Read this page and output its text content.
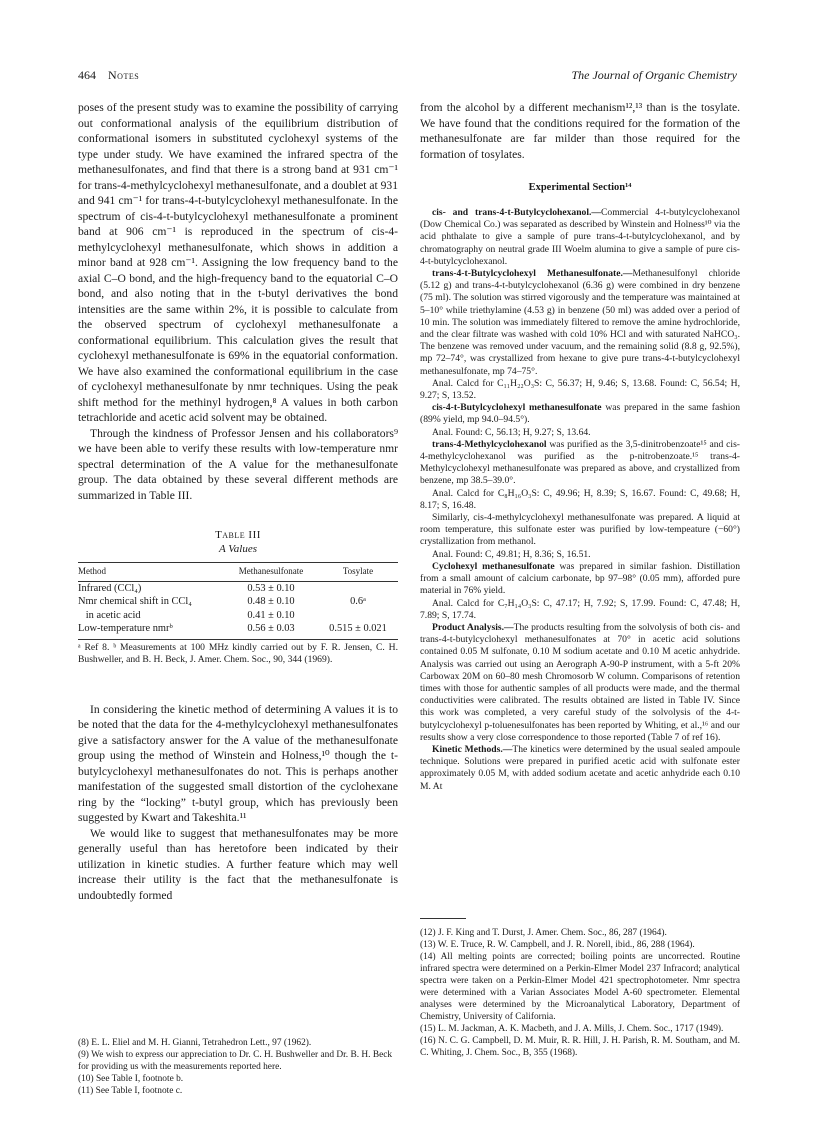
464 Notes	The Journal of Organic Chemistry

poses of the present study was to examine the possibility of carrying out conformational analysis of the equilibrium distribution of conformational isomers in substituted cyclohexyl systems of the type under study. We have examined the infrared spectra of the methanesulfonates, and find that there is a strong band at 931 cm⁻¹ for trans-4-methylcyclohexyl methanesulfonate, and a doublet at 931 and 941 cm⁻¹ for trans-4-t-butylcyclohexyl methanesulfonate. In the spectrum of cis-4-t-butylcyclohexyl methanesulfonate a prominent band at 906 cm⁻¹ is reproduced in the spectrum of cis-4-methylcyclohexyl methanesulfonate, which shows in addition a minor band at 928 cm⁻¹. Assigning the low frequency band to the axial C–O bond, and the high-frequency band to the equatorial C–O bond, and also noting that in the t-butyl derivatives the bond intensities are the same within 2%, it is possible to calculate from the observed spectrum of cyclohexyl methanesulfonate a conformational equilibrium. This calculation gives the result that cyclohexyl methanesulfonate is 69% in the equatorial conformation. We have also examined the conformational equilibrium in the case of cyclohexyl methanesulfonate by nmr techniques. Using the peak shift method for the methinyl hydrogen,⁸ A values in both carbon tetrachloride and acetic acid solvent may be obtained.

Through the kindness of Professor Jensen and his collaborators⁹ we have been able to verify these results with low-temperature nmr spectral determination of the A value for the methanesulfonate group. The data obtained by these several different methods are summarized in Table III.

Table III
A Values
Method	Methanesulfonate	Tosylate
Infrared (CCl₄)	0.53 ± 0.10
Nmr chemical shift in CCl₄	0.48 ± 0.10	0.6ᵃ
in acetic acid	0.41 ± 0.10
Low-temperature nmrᵇ	0.56 ± 0.03	0.515 ± 0.021
ᵃ Ref 8. ᵇ Measurements at 100 MHz kindly carried out by F. R. Jensen, C. H. Bushweller, and B. H. Beck, J. Amer. Chem. Soc., 90, 344 (1969).

In considering the kinetic method of determining A values it is to be noted that the data for the 4-methylcyclohexyl methanesulfonates give a satisfactory answer for the A value of the methanesulfonate group using the method of Winstein and Holness,¹⁰ though the t-butylcyclohexyl methanesulfonates do not. This is perhaps another manifestation of the suggested small distortion of the cyclohexane ring by the “locking” t-butyl group, which has previously been suggested by Kwart and Takeshita.¹¹

We would like to suggest that methanesulfonates may be more generally useful than has heretofore been indicated by their utilization in kinetic studies. A further feature which may well increase their utility is the fact that the methanesulfonate is undoubtedly formed

from the alcohol by a different mechanism¹²,¹³ than is the tosylate. We have found that the conditions required for the formation of the methanesulfonate are far milder than those required for the formation of tosylates.

Experimental Section¹⁴

cis- and trans-4-t-Butylcyclohexanol.—Commercial 4-t-butylcyclohexanol (Dow Chemical Co.) was separated as described by Winstein and Holness¹⁰ via the acid phthalate to give a sample of pure trans-4-t-butylcyclohexanol, and by chromatography on neutral grade III Woelm alumina to give a sample of pure cis-4-t-butylcyclohexanol.

trans-4-t-Butylcyclohexyl Methanesulfonate.—Methanesulfonyl chloride (5.12 g) and trans-4-t-butylcyclohexanol (6.36 g) were combined in dry benzene (75 ml). The solution was stirred vigorously and the temperature was maintained at 5–10° while triethylamine (4.53 g) in benzene (50 ml) was added over a period of 10 min. The solution was immediately filtered to remove the amine hydrochloride, and the clear filtrate was washed with cold 10% HCl and with saturated NaHCO₃. The benzene was removed under vacuum, and the remaining solid (8.8 g, 92.5%), mp 72–74°, was crystallized from hexane to give pure trans-4-t-butylcyclohexyl methanesulfonate, mp 74–75°.

Anal. Calcd for C₁₁H₂₂O₃S: C, 56.37; H, 9.46; S, 13.68. Found: C, 56.54; H, 9.27; S, 13.52.

cis-4-t-Butylcyclohexyl methanesulfonate was prepared in the same fashion (89% yield, mp 94.0–94.5°).

Anal. Found: C, 56.13; H, 9.27; S, 13.64.

trans-4-Methylcyclohexanol was purified as the 3,5-dinitrobenzoate¹⁵ and cis-4-methylcyclohexanol was purified as the p-nitrobenzoate.¹⁵ trans-4-Methylcyclohexyl methanesulfonate was prepared as above, and crystallized from benzene, mp 38.5–39.0°.

Anal. Calcd for C₈H₁₆O₃S: C, 49.96; H, 8.39; S, 16.67. Found: C, 49.68; H, 8.17; S, 16.48.

Similarly, cis-4-methylcyclohexyl methanesulfonate was prepared. A liquid at room temperature, this sulfonate ester was purified by low-tempeature (−60°) crystallization from methanol.

Anal. Found: C, 49.81; H, 8.36; S, 16.51.

Cyclohexyl methanesulfonate was prepared in similar fashion. Distillation from a small amount of calcium carbonate, bp 97–98° (0.05 mm), afforded pure material in 76% yield.

Anal. Calcd for C₇H₁₄O₃S: C, 47.17; H, 7.92; S, 17.99. Found: C, 47.48; H, 7.89; S, 17.74.

Product Analysis.—The products resulting from the solvolysis of both cis- and trans-4-t-butylcyclohexyl methanesulfonates at 70° in acetic acid solutions contained 0.05 M sulfonate, 0.10 M sodium acetate and 0.10 M acetic anhydride. Analysis was carried out using an Aerograph A-90-P instrument, with a 5-ft 20% Carbowax 20M on 60–80 mesh Chromosorb W column. Comparisons of retention times with those for authentic samples of all products were made, and the thermal conductivities were calibrated. The results obtained are listed in Table IV. Since this work was completed, a very careful study of the solvolysis of the 4-t-butylcyclohexyl p-toluenesulfonates has been reported by Whiting, et al.,¹⁶ and our results show a very close correspondence to those reported (Table 7 of ref 16).

Kinetic Methods.—The kinetics were determined by the usual sealed ampoule technique. Solutions were prepared in purified acetic acid with sulfonate ester approximately 0.05 M, with added sodium acetate and acetic anhydride each 0.10 M. At

(8) E. L. Eliel and M. H. Gianni, Tetrahedron Lett., 97 (1962).

(9) We wish to express our appreciation to Dr. C. H. Bushweller and Dr. B. H. Beck for providing us with the measurements reported here.

(10) See Table I, footnote b.

(11) See Table I, footnote c.

(12) J. F. King and T. Durst, J. Amer. Chem. Soc., 86, 287 (1964).

(13) W. E. Truce, R. W. Campbell, and J. R. Norell, ibid., 86, 288 (1964).

(14) All melting points are corrected; boiling points are uncorrected. Routine infrared spectra were determined on a Perkin-Elmer Model 237 Infracord; analytical spectra were taken on a Perkin-Elmer Model 421 spectrophotometer. Nmr spectra were determined with a Varian Associates Model A-60 spectrometer. Elemental analyses were determined by the Microanalytical Laboratory, Department of Chemistry, University of California.

(15) L. M. Jackman, A. K. Macbeth, and J. A. Mills, J. Chem. Soc., 1717 (1949).

(16) N. C. G. Campbell, D. M. Muir, R. R. Hill, J. H. Parish, R. M. Southam, and M. C. Whiting, J. Chem. Soc., B, 355 (1968).
